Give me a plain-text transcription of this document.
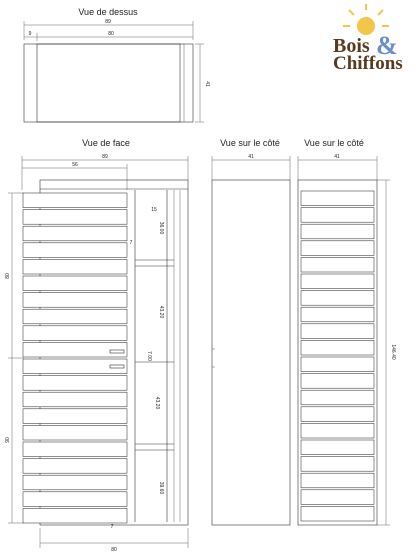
Bois &
Chiffons
Vue de dessus
89
9	80
41
Vue de face
89
56
15
36.00
7
43.20
7.00
43.20
39.60
80
90
7
80
Vue sur le côté
41
Vue sur le côté
41
146.40
